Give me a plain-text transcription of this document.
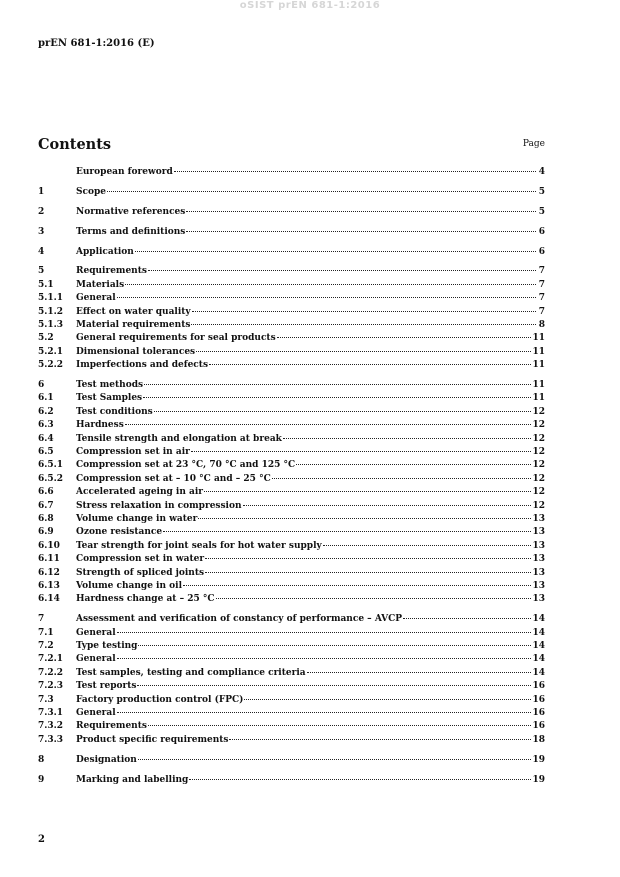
oSIST prEN 681-1:2016
prEN 681-1:2016 (E)
Contents	Page
European foreword	4
1	Scope	5
2	Normative references	5
3	Terms and definitions	6
4	Application	6
5	Requirements	7
5.1	Materials	7
5.1.1	General	7
5.1.2	Effect on water quality	7
5.1.3	Material requirements	8
5.2	General requirements for seal products	11
5.2.1	Dimensional tolerances	11
5.2.2	Imperfections and defects	11
6	Test methods	11
6.1	Test Samples	11
6.2	Test conditions	12
6.3	Hardness	12
6.4	Tensile strength and elongation at break	12
6.5	Compression set in air	12
6.5.1	Compression set at 23 °C, 70 °C and 125 °C	12
6.5.2	Compression set at – 10 °C and – 25 °C	12
6.6	Accelerated ageing in air	12
6.7	Stress relaxation in compression	12
6.8	Volume change in water	13
6.9	Ozone resistance	13
6.10	Tear strength for joint seals for hot water supply	13
6.11	Compression set in water	13
6.12	Strength of spliced joints	13
6.13	Volume change in oil	13
6.14	Hardness change at – 25 °C	13
7	Assessment and verification of constancy of performance – AVCP	14
7.1	General	14
7.2	Type testing	14
7.2.1	General	14
7.2.2	Test samples, testing and compliance criteria	14
7.2.3	Test reports	16
7.3	Factory production control (FPC)	16
7.3.1	General	16
7.3.2	Requirements	16
7.3.3	Product specific requirements	18
8	Designation	19
9	Marking and labelling	19
2
